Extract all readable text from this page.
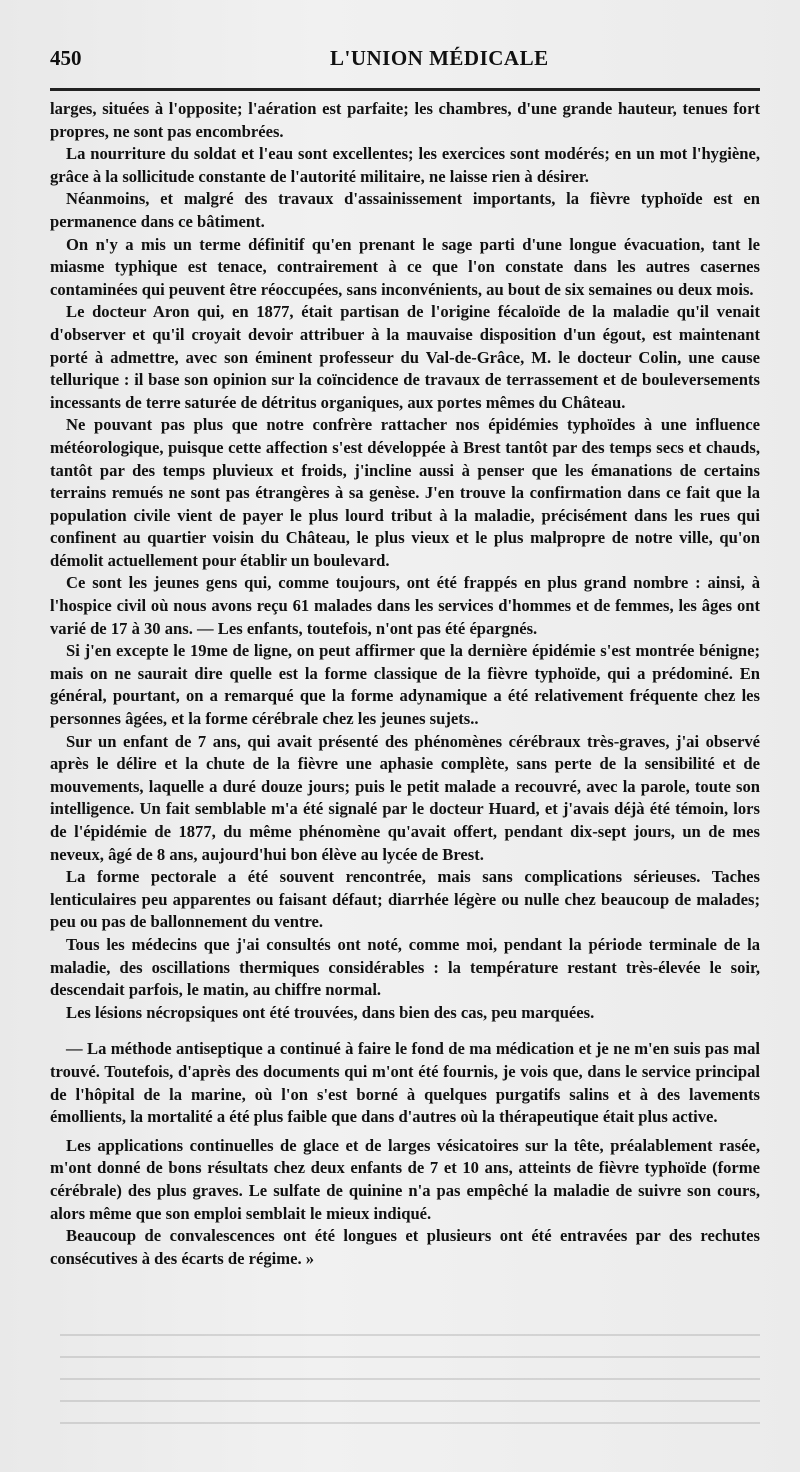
450	L'UNION MÉDICALE

larges, situées à l'opposite; l'aération est parfaite; les chambres, d'une grande hauteur, tenues fort propres, ne sont pas encombrées.

La nourriture du soldat et l'eau sont excellentes; les exercices sont modérés; en un mot l'hygiène, grâce à la sollicitude constante de l'autorité militaire, ne laisse rien à désirer.

Néanmoins, et malgré des travaux d'assainissement importants, la fièvre typhoïde est en permanence dans ce bâtiment.

On n'y a mis un terme définitif qu'en prenant le sage parti d'une longue évacuation, tant le miasme typhique est tenace, contrairement à ce que l'on constate dans les autres casernes contaminées qui peuvent être réoccupées, sans inconvénients, au bout de six semaines ou deux mois.

Le docteur Aron qui, en 1877, était partisan de l'origine fécaloïde de la maladie qu'il venait d'observer et qu'il croyait devoir attribuer à la mauvaise disposition d'un égout, est maintenant porté à admettre, avec son éminent professeur du Val-de-Grâce, M. le docteur Colin, une cause tellurique : il base son opinion sur la coïncidence de travaux de terrassement et de bouleversements incessants de terre saturée de détritus organiques, aux portes mêmes du Château.

Ne pouvant pas plus que notre confrère rattacher nos épidémies typhoïdes à une influence météorologique, puisque cette affection s'est développée à Brest tantôt par des temps secs et chauds, tantôt par des temps pluvieux et froids, j'incline aussi à penser que les émanations de certains terrains remués ne sont pas étrangères à sa genèse. J'en trouve la confirmation dans ce fait que la population civile vient de payer le plus lourd tribut à la maladie, précisément dans les rues qui confinent au quartier voisin du Château, le plus vieux et le plus malpropre de notre ville, qu'on démolit actuellement pour établir un boulevard.

Ce sont les jeunes gens qui, comme toujours, ont été frappés en plus grand nombre : ainsi, à l'hospice civil où nous avons reçu 61 malades dans les services d'hommes et de femmes, les âges ont varié de 17 à 30 ans. — Les enfants, toutefois, n'ont pas été épargnés.

Si j'en excepte le 19me de ligne, on peut affirmer que la dernière épidémie s'est montrée bénigne; mais on ne saurait dire quelle est la forme classique de la fièvre typhoïde, qui a prédominé. En général, pourtant, on a remarqué que la forme adynamique a été relativement fréquente chez les personnes âgées, et la forme cérébrale chez les jeunes sujets..

Sur un enfant de 7 ans, qui avait présenté des phénomènes cérébraux très-graves, j'ai observé après le délire et la chute de la fièvre une aphasie complète, sans perte de la sensibilité et de mouvements, laquelle a duré douze jours; puis le petit malade a recouvré, avec la parole, toute son intelligence. Un fait semblable m'a été signalé par le docteur Huard, et j'avais déjà été témoin, lors de l'épidémie de 1877, du même phénomène qu'avait offert, pendant dix-sept jours, un de mes neveux, âgé de 8 ans, aujourd'hui bon élève au lycée de Brest.

La forme pectorale a été souvent rencontrée, mais sans complications sérieuses. Taches lenticulaires peu apparentes ou faisant défaut; diarrhée légère ou nulle chez beaucoup de malades; peu ou pas de ballonnement du ventre.

Tous les médecins que j'ai consultés ont noté, comme moi, pendant la période terminale de la maladie, des oscillations thermiques considérables : la température restant très-élevée le soir, descendait parfois, le matin, au chiffre normal.

Les lésions nécropsiques ont été trouvées, dans bien des cas, peu marquées.

— La méthode antiseptique a continué à faire le fond de ma médication et je ne m'en suis pas mal trouvé. Toutefois, d'après des documents qui m'ont été fournis, je vois que, dans le service principal de l'hôpital de la marine, où l'on s'est borné à quelques purgatifs salins et à des lavements émollients, la mortalité a été plus faible que dans d'autres où la thérapeutique était plus active.

Les applications continuelles de glace et de larges vésicatoires sur la tête, préalablement rasée, m'ont donné de bons résultats chez deux enfants de 7 et 10 ans, atteints de fièvre typhoïde (forme cérébrale) des plus graves. Le sulfate de quinine n'a pas empêché la maladie de suivre son cours, alors même que son emploi semblait le mieux indiqué.

Beaucoup de convalescences ont été longues et plusieurs ont été entravées par des rechutes consécutives à des écarts de régime. »
